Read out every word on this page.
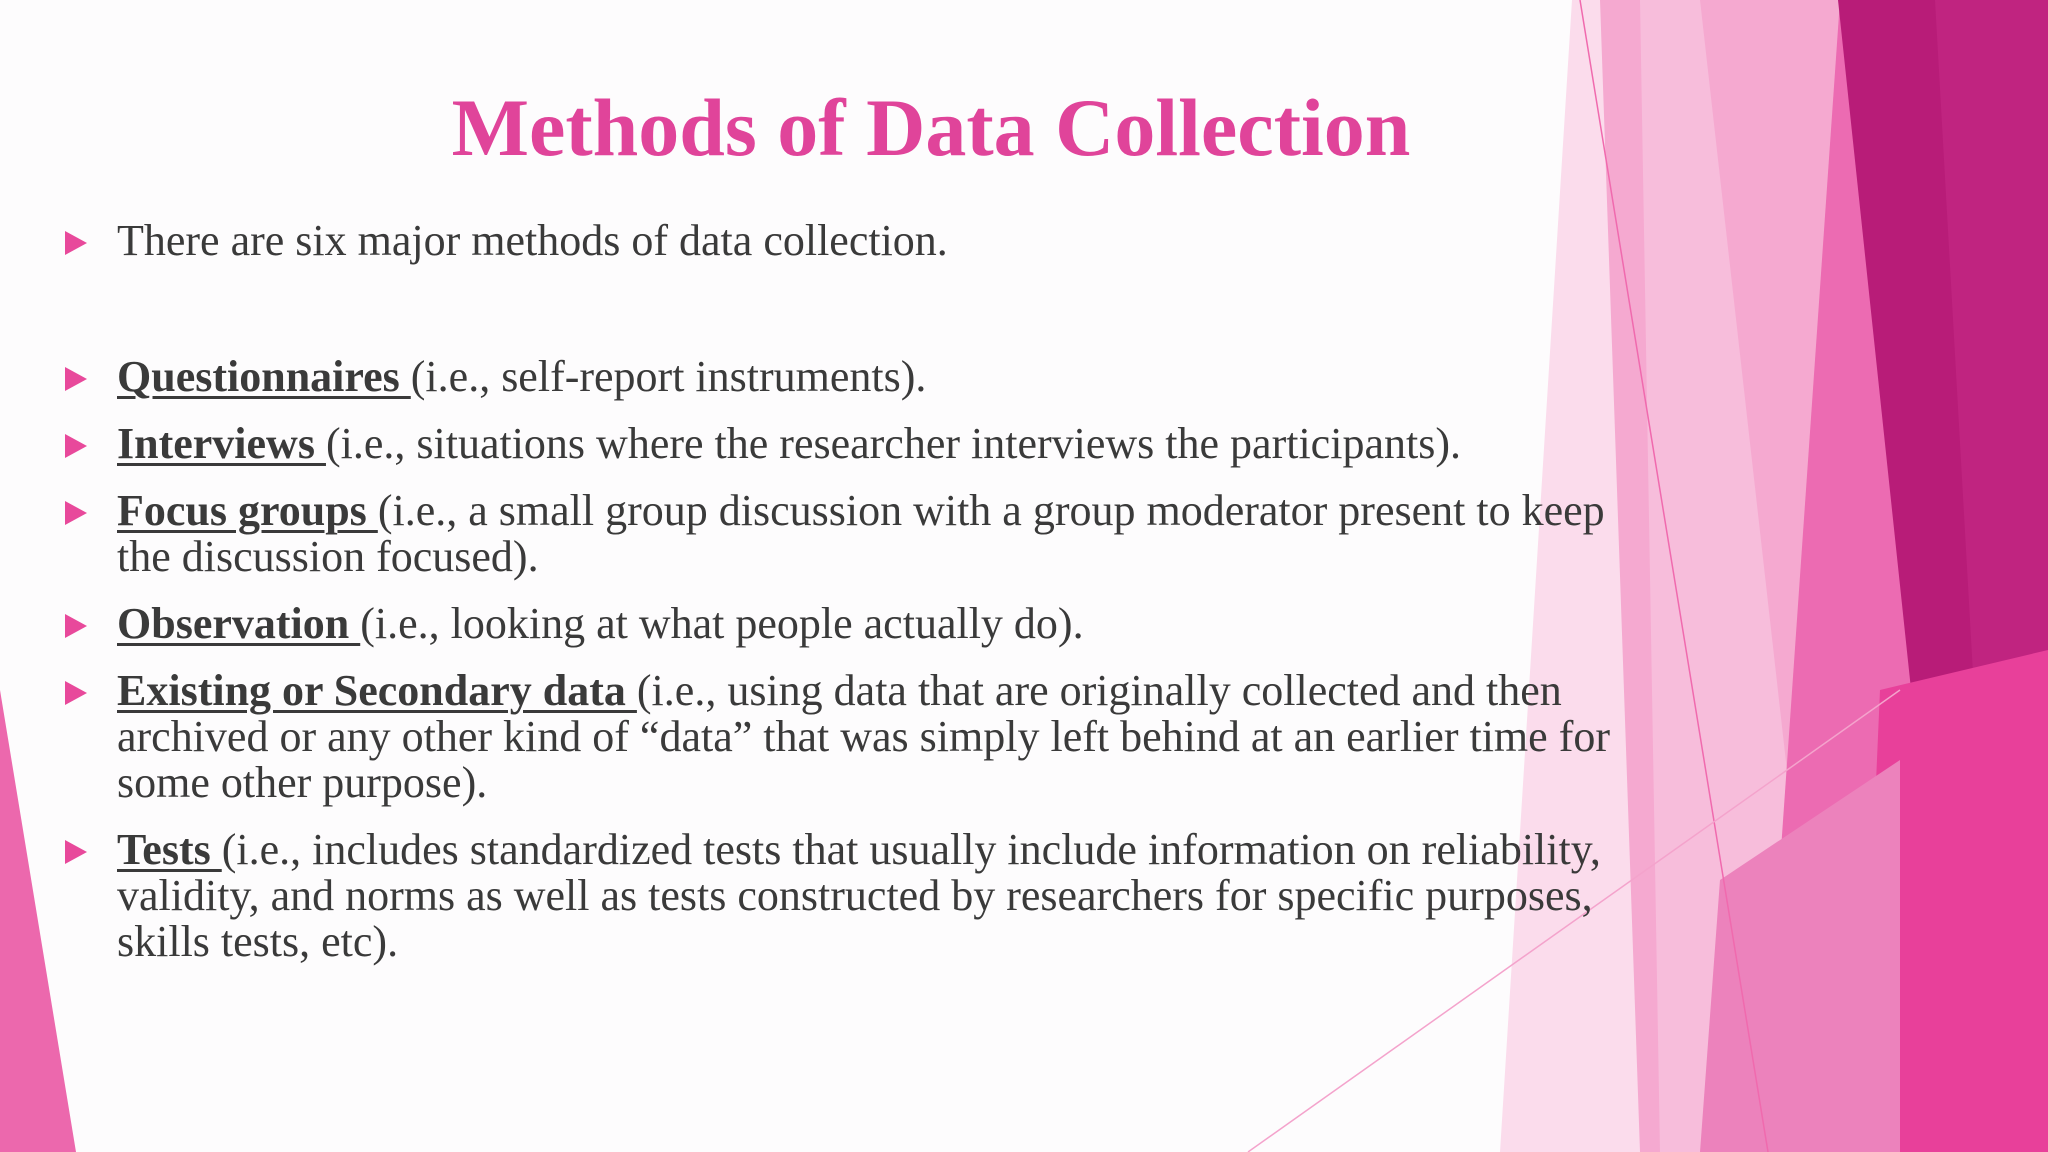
Methods of Data Collection
There are six major methods of data collection.
Questionnaires (i.e., self-report instruments).
Interviews (i.e., situations where the researcher interviews the participants).
Focus groups (i.e., a small group discussion with a group moderator present to keep the discussion focused).
Observation (i.e., looking at what people actually do).
Existing or Secondary data (i.e., using data that are originally collected and then archived or any other kind of “data” that was simply left behind at an earlier time for some other purpose).
Tests (i.e., includes standardized tests that usually include information on reliability, validity, and norms as well as tests constructed by researchers for specific purposes, skills tests, etc).
